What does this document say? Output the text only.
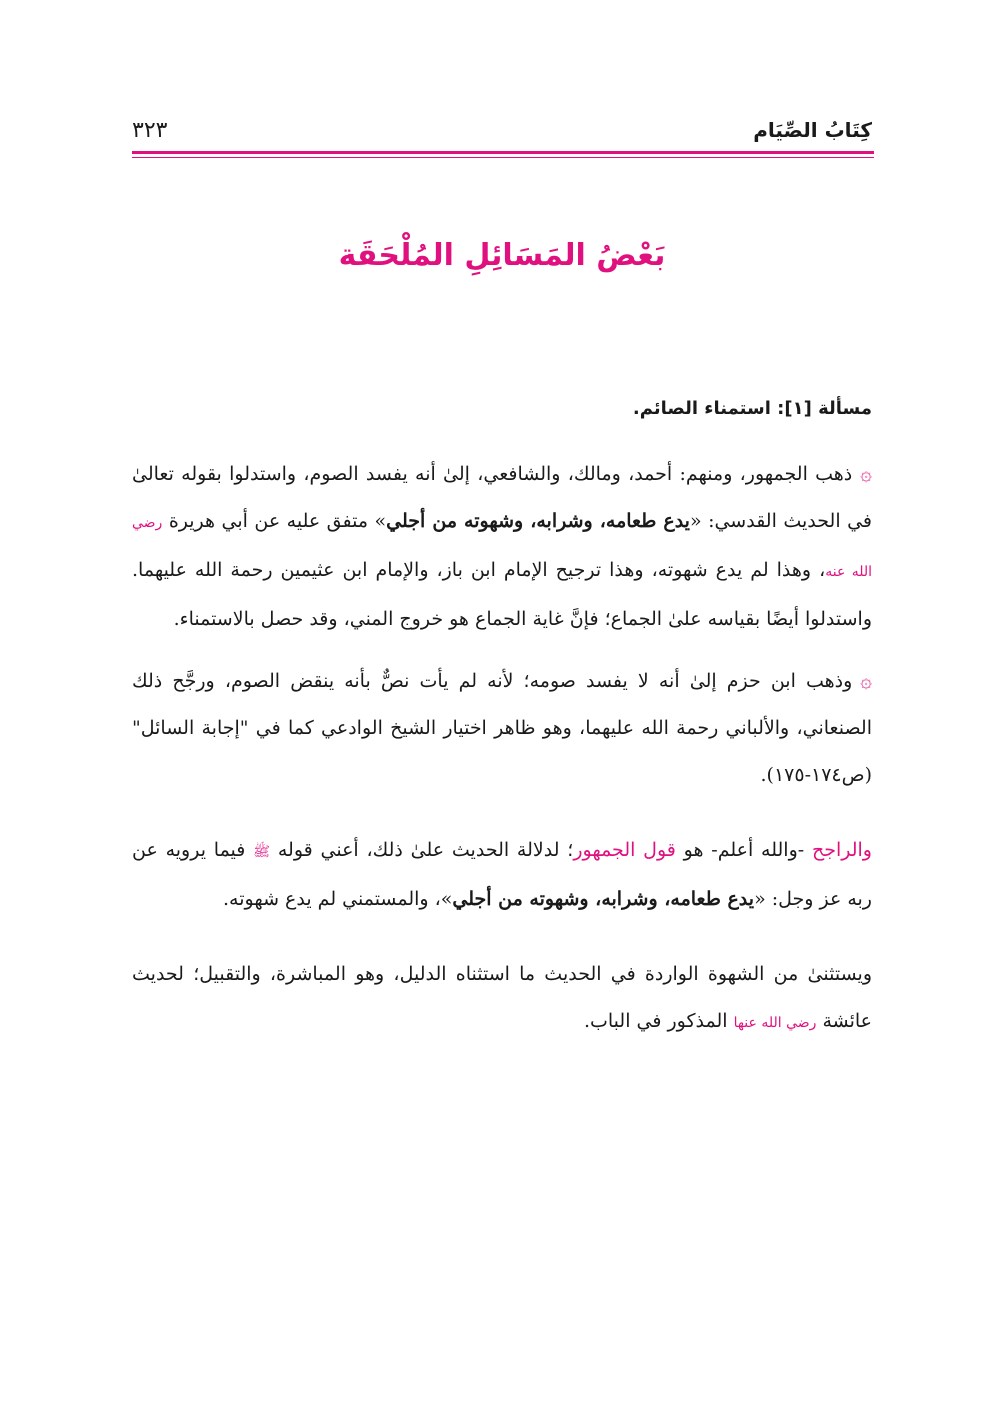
كِتَابُ الصِّيَام
٣٢٣
بَعْضُ المَسَائِلِ المُلْحَقَة
مسألة [١]: استمناء الصائم.
۞ذهب الجمهور، ومنهم: أحمد، ومالك، والشافعي، إلىٰ أنه يفسد الصوم، واستدلوا بقوله تعالىٰ في الحديث القدسي: «يدع طعامه، وشرابه، وشهوته من أجلي» متفق عليه عن أبي هريرة رضي الله عنه، وهذا لم يدع شهوته، وهذا ترجيح الإمام ابن باز، والإمام ابن عثيمين رحمة الله عليهما. واستدلوا أيضًا بقياسه علىٰ الجماع؛ فإنَّ غاية الجماع هو خروج المني، وقد حصل بالاستمناء.
۞وذهب ابن حزم إلىٰ أنه لا يفسد صومه؛ لأنه لم يأت نصٌّ بأنه ينقض الصوم، ورجَّح ذلك الصنعاني، والألباني رحمة الله عليهما، وهو ظاهر اختيار الشيخ الوادعي كما في "إجابة السائل" (ص١٧٤-١٧٥).
والراجح -والله أعلم- هو قول الجمهور؛ لدلالة الحديث علىٰ ذلك، أعني قوله ﷺ فيما يرويه عن ربه عز وجل: «يدع طعامه، وشرابه، وشهوته من أجلي»، والمستمني لم يدع شهوته.
ويستثنىٰ من الشهوة الواردة في الحديث ما استثناه الدليل، وهو المباشرة، والتقبيل؛ لحديث عائشة رضي الله عنها المذكور في الباب.
